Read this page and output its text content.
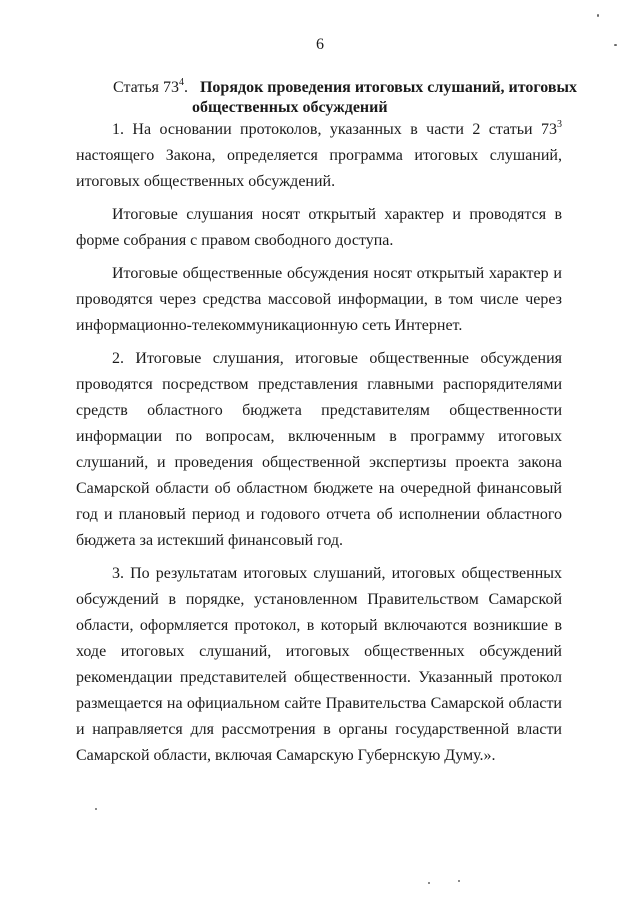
6
Статья $73^4$. Порядок проведения итоговых слушаний, итоговых
общественных обсуждений

1. На основании протоколов, указанных в части 2 статьи $73^3$ настоящего Закона, определяется программа итоговых слушаний, итоговых общественных обсуждений.

Итоговые слушания носят открытый характер и проводятся в форме собрания с правом свободного доступа.

Итоговые общественные обсуждения носят открытый характер и проводятся через средства массовой информации, в том числе через информационно-телекоммуникационную сеть Интернет.

2. Итоговые слушания, итоговые общественные обсуждения проводятся посредством представления главными распорядителями средств областного бюджета представителям общественности информации по вопросам, включенным в программу итоговых слушаний, и проведения общественной экспертизы проекта закона Самарской области об областном бюджете на очередной финансовый год и плановый период и годового отчета об исполнении областного бюджета за истекший финансовый год.

3. По результатам итоговых слушаний, итоговых общественных обсуждений в порядке, установленном Правительством Самарской области, оформляется протокол, в который включаются возникшие в ходе итоговых слушаний, итоговых общественных обсуждений рекомендации представителей общественности. Указанный протокол размещается на официальном сайте Правительства Самарской области и направляется для рассмотрения в органы государственной власти Самарской области, включая Самарскую Губернскую Думу.».
